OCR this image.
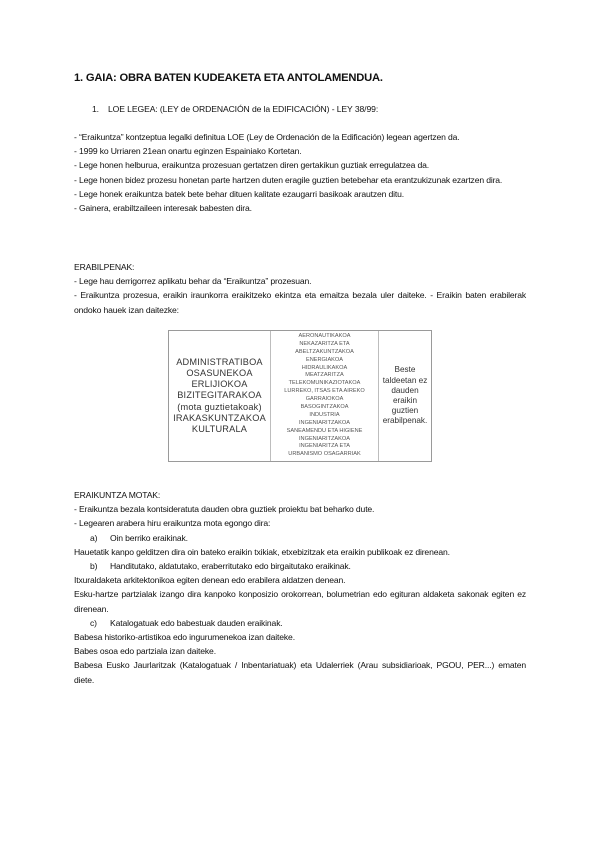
1. GAIA: OBRA BATEN KUDEAKETA ETA ANTOLAMENDUA.
1. LOE LEGEA: (LEY de ORDENACIÓN de la EDIFICACIÓN) - LEY 38/99:

- “Eraikuntza” kontzeptua legalki definitua LOE (Ley de Ordenación de la Edificación) legean agertzen da.

- 1999 ko Urriaren 21ean onartu eginzen Espainiako Kortetan.

- Lege honen helburua, eraikuntza prozesuan gertatzen diren gertakikun guztiak erregulatzea da.

- Lege honen bidez prozesu honetan parte hartzen duten eragile guztien betebehar eta erantzukizunak ezartzen dira.

- Lege honek eraikuntza batek bete behar dituen kalitate ezaugarri basikoak arautzen ditu.

- Gainera, erabiltzaileen interesak babesten dira.

ERABILPENAK:

- Lege hau derrigorrez aplikatu behar da “Eraikuntza” prozesuan.

- Eraikuntza prozesua, eraikin iraunkorra eraikitzeko ekintza eta emaitza bezala uler daiteke. - Eraikin baten erabilerak ondoko hauek izan daitezke:

ADMINISTRATIBOA
OSASUNEKOA
ERLIJIOKOA
BIZITEGITARAKOA
(mota guztietakoak)
IRAKASKUNTZAKOA
KULTURALA
AERONAUTIKAKOA
NEKAZARITZA ETA
ABELTZAKUNTZAKOA
ENERGIAKOA
HIDRAULIKAKOA
MEATZARITZA
TELEKOMUNIKAZIOTAKOA
LURREKO, ITSAS ETA AIREKO
GARRAIOKOA
BASOGINTZAKOA
INDUSTRIA
INGENIARITZAKOA
SANEAMENDU ETA HIGIENE
INGENIARITZAKOA
INGENIARITZA ETA
URBANISMO OSAGARRIAK
Beste
taldeetan ez
dauden
eraikin guztien
erabilpenak.

ERAIKUNTZA MOTAK:

- Eraikuntza bezala kontsideratuta dauden obra guztiek proiektu bat beharko dute.

- Legearen arabera hiru eraikuntza mota egongo dira:

a) Oin berriko eraikinak.

Hauetatik kanpo gelditzen dira oin bateko eraikin txikiak, etxebizitzak eta eraikin publikoak ez direnean.

b) Handitutako, aldatutako, eraberritutako edo birgaitutako eraikinak.

Itxuraldaketa arkitektonikoa egiten denean edo erabilera aldatzen denean.

Esku-hartze partzialak izango dira kanpoko konposizio orokorrean, bolumetrian edo egituran aldaketa sakonak egiten ez direnean.

c) Katalogatuak edo babestuak dauden eraikinak.

Babesa historiko-artistikoa edo ingurumenekoa izan daiteke.

Babes osoa edo partziala izan daiteke.

Babesa Eusko Jaurlaritzak (Katalogatuak / Inbentariatuak) eta Udalerriek (Arau subsidiarioak, PGOU, PER...) ematen diete.
